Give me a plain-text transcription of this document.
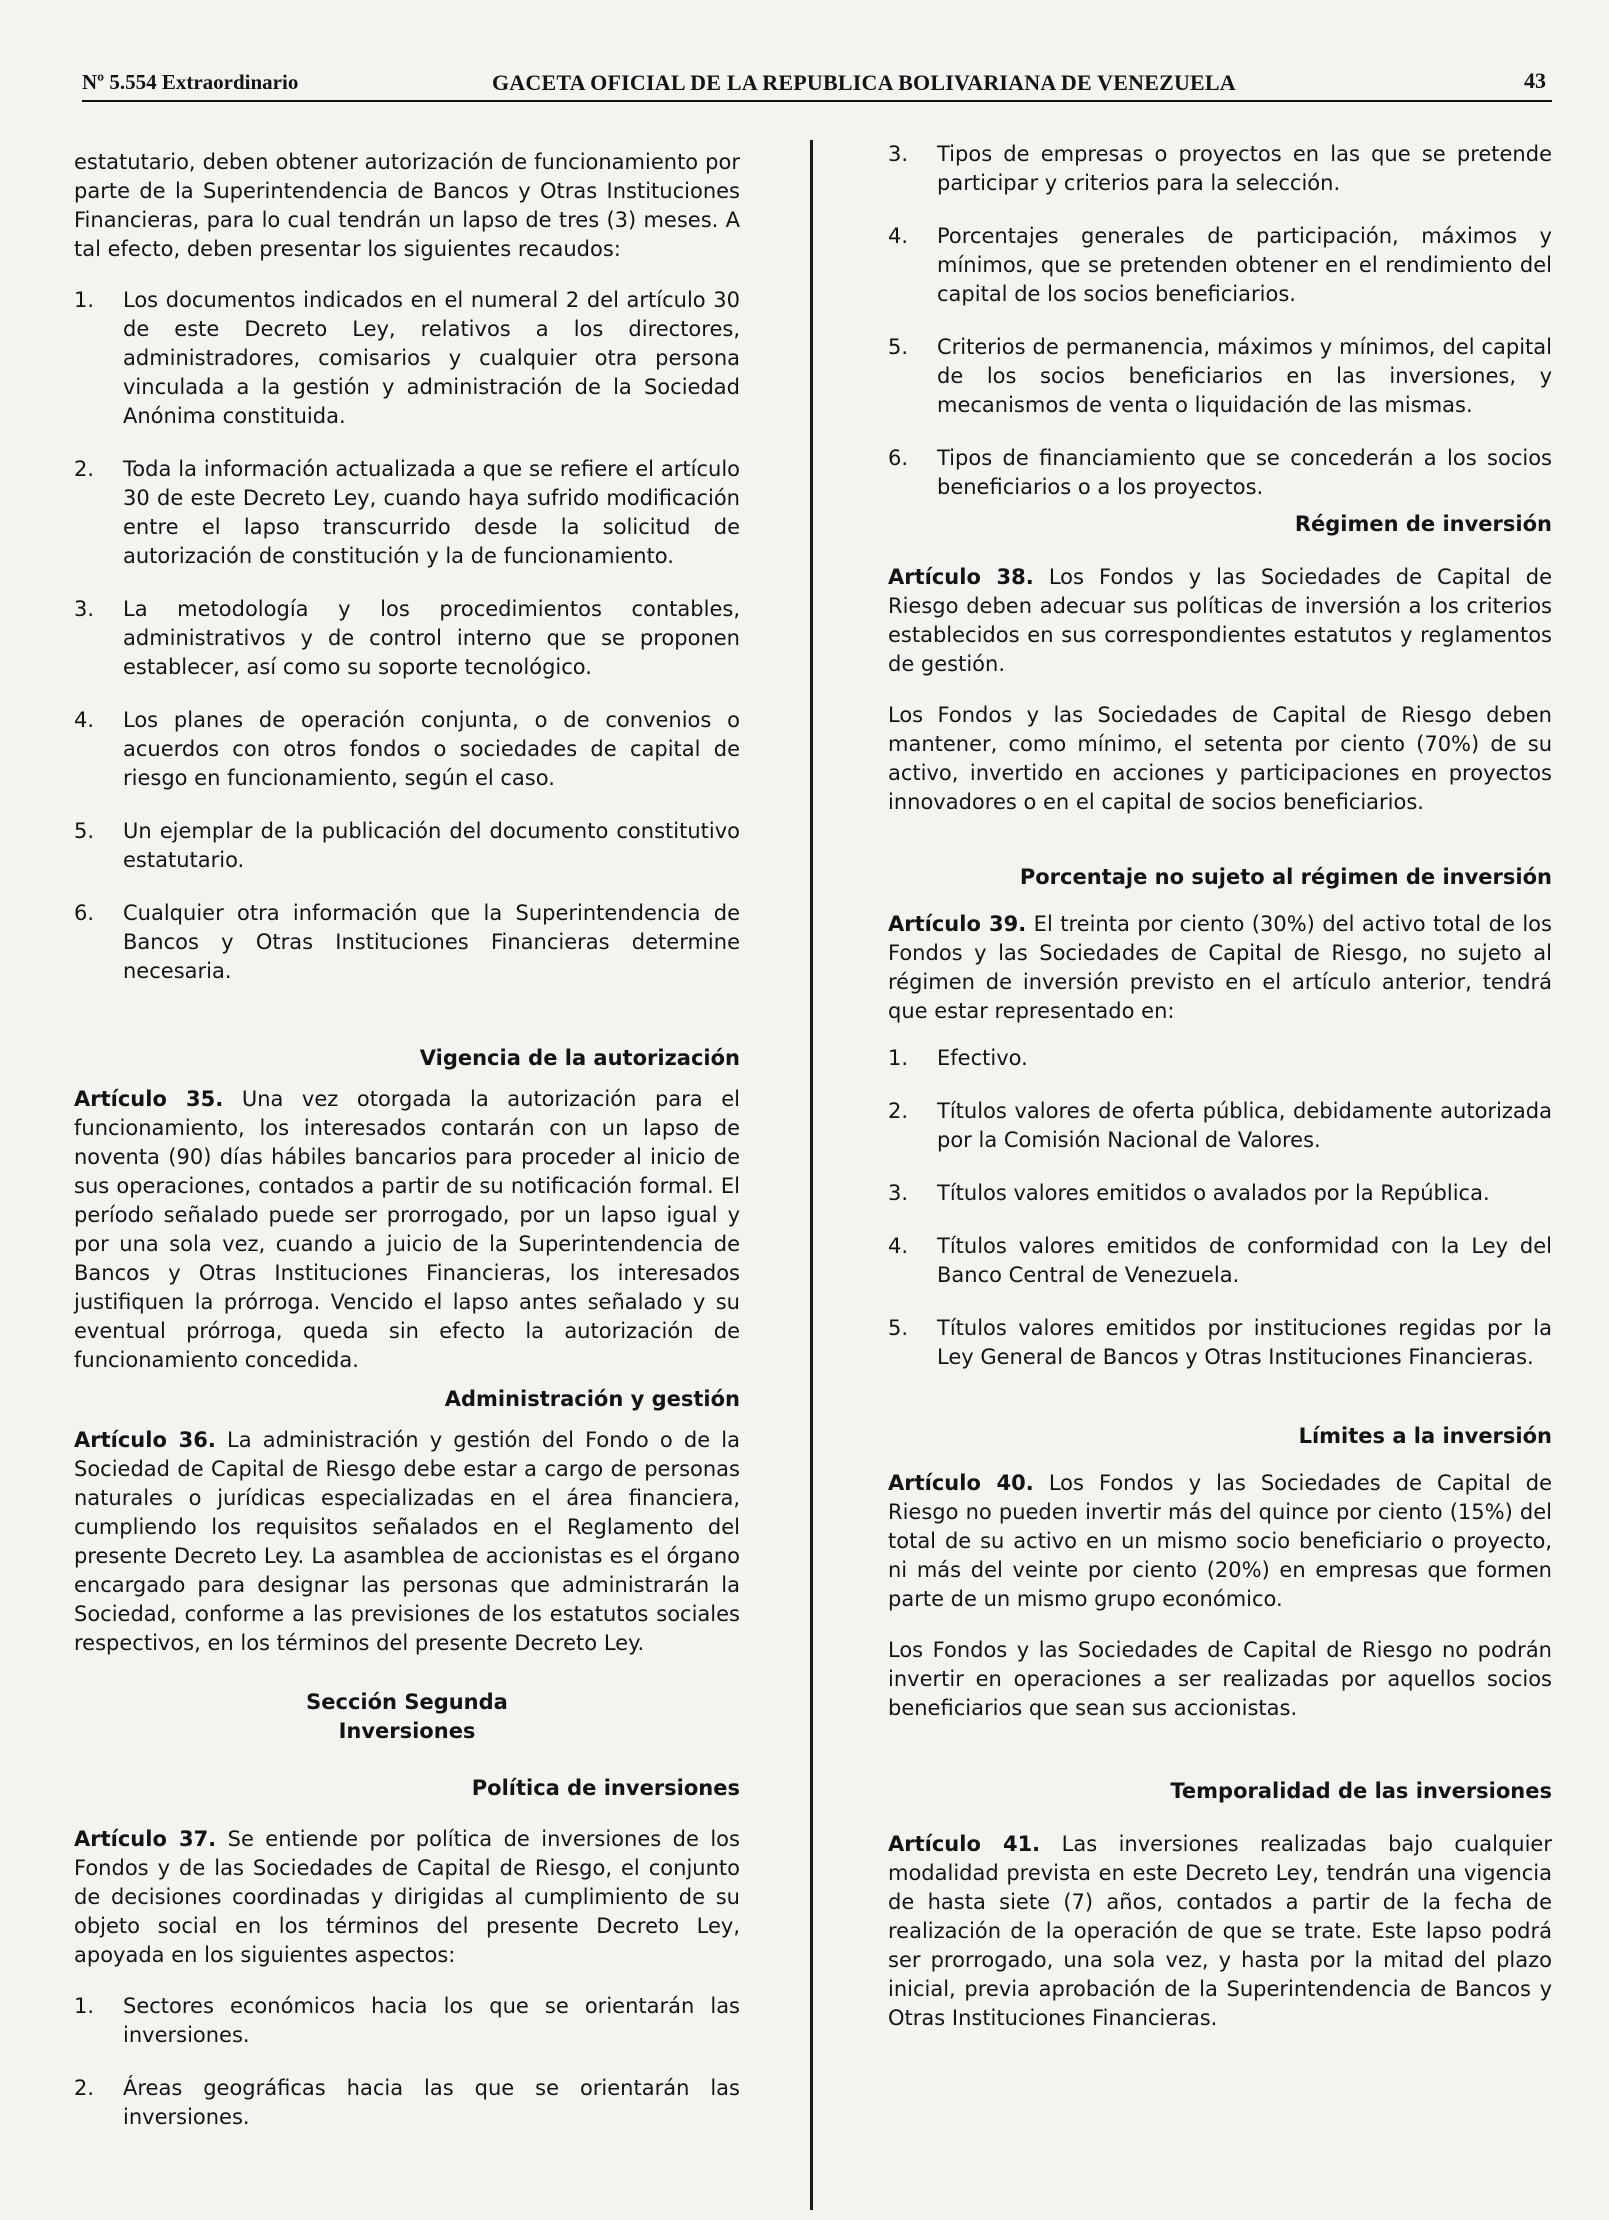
Nº 5.554 Extraordinario	GACETA OFICIAL DE LA REPUBLICA BOLIVARIANA DE VENEZUELA	43

estatutario, deben obtener autorización de funcionamiento por parte de la Superintendencia de Bancos y Otras Instituciones Financieras, para lo cual tendrán un lapso de tres (3) meses. A tal efecto, deben presentar los siguientes recaudos:

1.	Los documentos indicados en el numeral 2 del artículo 30 de este Decreto Ley, relativos a los directores, administradores, comisarios y cualquier otra persona vinculada a la gestión y administración de la Sociedad Anónima constituida.
2.	Toda la información actualizada a que se refiere el artículo 30 de este Decreto Ley, cuando haya sufrido modificación entre el lapso transcurrido desde la solicitud de autorización de constitución y la de funcionamiento.
3.	La metodología y los procedimientos contables, administrativos y de control interno que se proponen establecer, así como su soporte tecnológico.
4.	Los planes de operación conjunta, o de convenios o acuerdos con otros fondos o sociedades de capital de riesgo en funcionamiento, según el caso.
5.	Un ejemplar de la publicación del documento constitutivo estatutario.
6.	Cualquier otra información que la Superintendencia de Bancos y Otras Instituciones Financieras determine necesaria.

Vigencia de la autorización

Artículo 35. Una vez otorgada la autorización para el funcionamiento, los interesados contarán con un lapso de noventa (90) días hábiles bancarios para proceder al inicio de sus operaciones, contados a partir de su notificación formal. El período señalado puede ser prorrogado, por un lapso igual y por una sola vez, cuando a juicio de la Superintendencia de Bancos y Otras Instituciones Financieras, los interesados justifiquen la prórroga. Vencido el lapso antes señalado y su eventual prórroga, queda sin efecto la autorización de funcionamiento concedida.

Administración y gestión

Artículo 36. La administración y gestión del Fondo o de la Sociedad de Capital de Riesgo debe estar a cargo de personas naturales o jurídicas especializadas en el área financiera, cumpliendo los requisitos señalados en el Reglamento del presente Decreto Ley. La asamblea de accionistas es el órgano encargado para designar las personas que administrarán la Sociedad, conforme a las previsiones de los estatutos sociales respectivos, en los términos del presente Decreto Ley.

Sección Segunda

Inversiones

Política de inversiones

Artículo 37. Se entiende por política de inversiones de los Fondos y de las Sociedades de Capital de Riesgo, el conjunto de decisiones coordinadas y dirigidas al cumplimiento de su objeto social en los términos del presente Decreto Ley, apoyada en los siguientes aspectos:

1.	Sectores económicos hacia los que se orientarán las inversiones.
2.	Áreas geográficas hacia las que se orientarán las inversiones.
3.	Tipos de empresas o proyectos en las que se pretende participar y criterios para la selección.
4.	Porcentajes generales de participación, máximos y mínimos, que se pretenden obtener en el rendimiento del capital de los socios beneficiarios.
5.	Criterios de permanencia, máximos y mínimos, del capital de los socios beneficiarios en las inversiones, y mecanismos de venta o liquidación de las mismas.
6.	Tipos de financiamiento que se concederán a los socios beneficiarios o a los proyectos.

Régimen de inversión

Artículo 38. Los Fondos y las Sociedades de Capital de Riesgo deben adecuar sus políticas de inversión a los criterios establecidos en sus correspondientes estatutos y reglamentos de gestión.

Los Fondos y las Sociedades de Capital de Riesgo deben mantener, como mínimo, el setenta por ciento (70%) de su activo, invertido en acciones y participaciones en proyectos innovadores o en el capital de socios beneficiarios.

Porcentaje no sujeto al régimen de inversión

Artículo 39. El treinta por ciento (30%) del activo total de los Fondos y las Sociedades de Capital de Riesgo, no sujeto al régimen de inversión previsto en el artículo anterior, tendrá que estar representado en:

1.	Efectivo.
2.	Títulos valores de oferta pública, debidamente autorizada por la Comisión Nacional de Valores.
3.	Títulos valores emitidos o avalados por la República.
4.	Títulos valores emitidos de conformidad con la Ley del Banco Central de Venezuela.
5.	Títulos valores emitidos por instituciones regidas por la Ley General de Bancos y Otras Instituciones Financieras.

Límites a la inversión

Artículo 40. Los Fondos y las Sociedades de Capital de Riesgo no pueden invertir más del quince por ciento (15%) del total de su activo en un mismo socio beneficiario o proyecto, ni más del veinte por ciento (20%) en empresas que formen parte de un mismo grupo económico.

Los Fondos y las Sociedades de Capital de Riesgo no podrán invertir en operaciones a ser realizadas por aquellos socios beneficiarios que sean sus accionistas.

Temporalidad de las inversiones

Artículo 41. Las inversiones realizadas bajo cualquier modalidad prevista en este Decreto Ley, tendrán una vigencia de hasta siete (7) años, contados a partir de la fecha de realización de la operación de que se trate. Este lapso podrá ser prorrogado, una sola vez, y hasta por la mitad del plazo inicial, previa aprobación de la Superintendencia de Bancos y Otras Instituciones Financieras.
